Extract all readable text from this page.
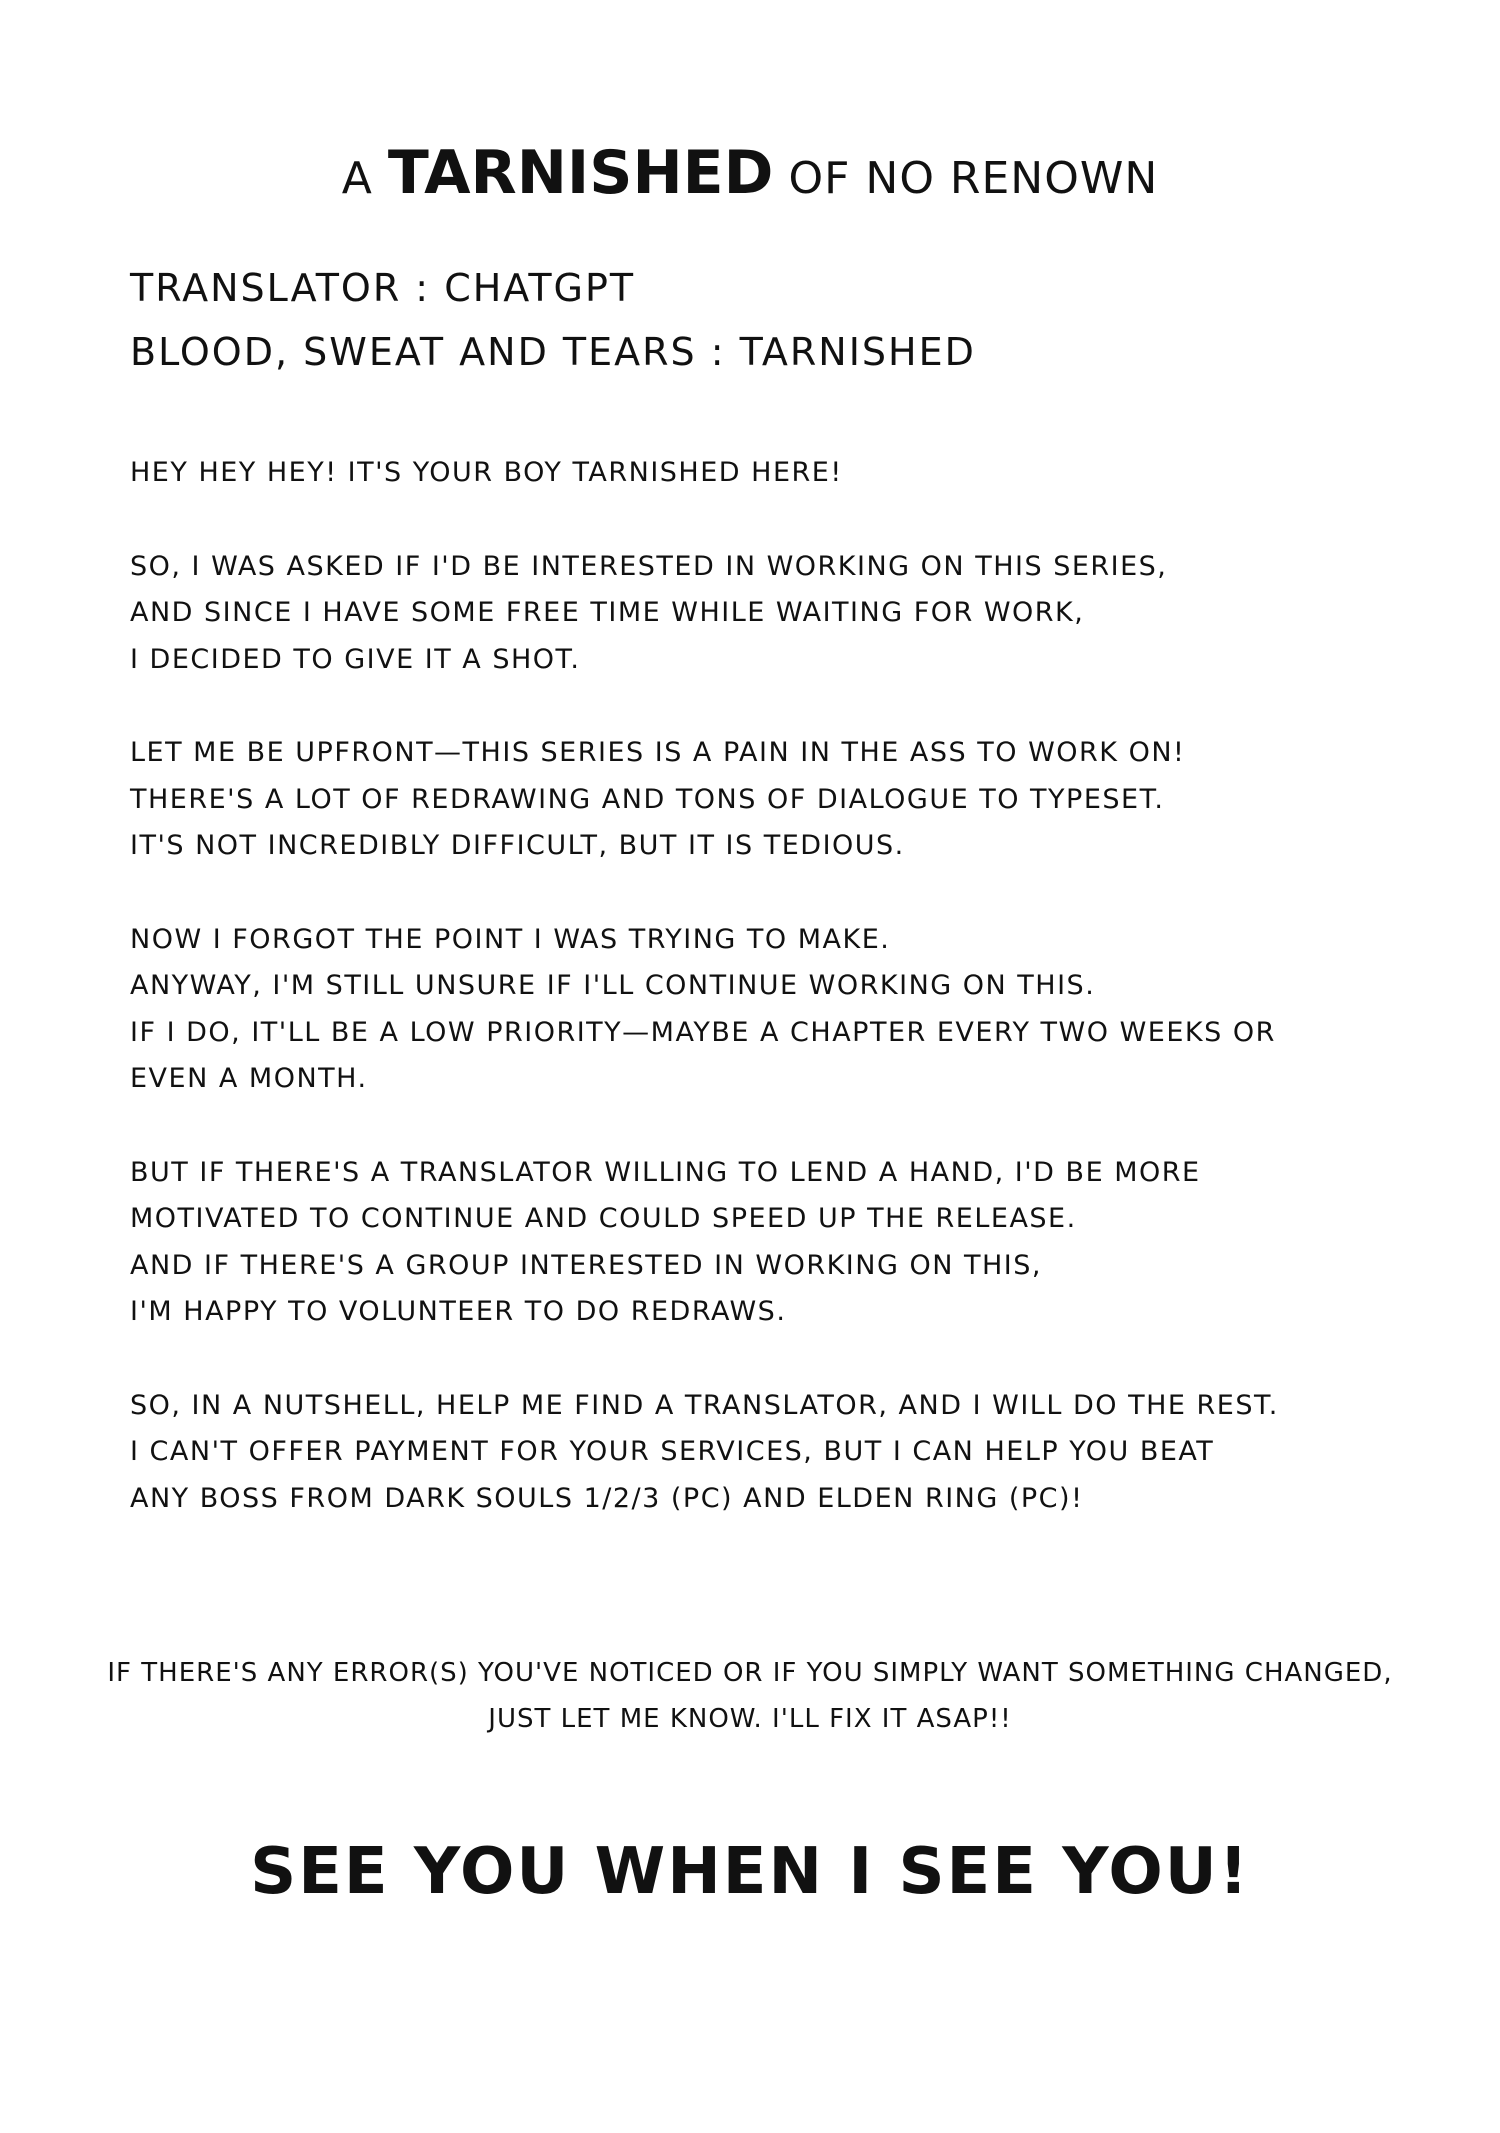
A TARNISHED OF NO RENOWN
TRANSLATOR : CHATGPT
BLOOD, SWEAT AND TEARS : TARNISHED
HEY HEY HEY! IT'S YOUR BOY TARNISHED HERE!
SO, I WAS ASKED IF I'D BE INTERESTED IN WORKING ON THIS SERIES,
AND SINCE I HAVE SOME FREE TIME WHILE WAITING FOR WORK,
I DECIDED TO GIVE IT A SHOT.
LET ME BE UPFRONT—THIS SERIES IS A PAIN IN THE ASS TO WORK ON!
THERE'S A LOT OF REDRAWING AND TONS OF DIALOGUE TO TYPESET.
IT'S NOT INCREDIBLY DIFFICULT, BUT IT IS TEDIOUS.
NOW I FORGOT THE POINT I WAS TRYING TO MAKE.
ANYWAY, I'M STILL UNSURE IF I'LL CONTINUE WORKING ON THIS.
IF I DO, IT'LL BE A LOW PRIORITY—MAYBE A CHAPTER EVERY TWO WEEKS OR
EVEN A MONTH.
BUT IF THERE'S A TRANSLATOR WILLING TO LEND A HAND, I'D BE MORE
MOTIVATED TO CONTINUE AND COULD SPEED UP THE RELEASE.
AND IF THERE'S A GROUP INTERESTED IN WORKING ON THIS,
I'M HAPPY TO VOLUNTEER TO DO REDRAWS.
SO, IN A NUTSHELL, HELP ME FIND A TRANSLATOR, AND I WILL DO THE REST.
I CAN'T OFFER PAYMENT FOR YOUR SERVICES, BUT I CAN HELP YOU BEAT
ANY BOSS FROM DARK SOULS 1/2/3 (PC) AND ELDEN RING (PC)!
IF THERE'S ANY ERROR(S) YOU'VE NOTICED OR IF YOU SIMPLY WANT SOMETHING CHANGED,
JUST LET ME KNOW. I'LL FIX IT ASAP!!
SEE YOU WHEN I SEE YOU!
